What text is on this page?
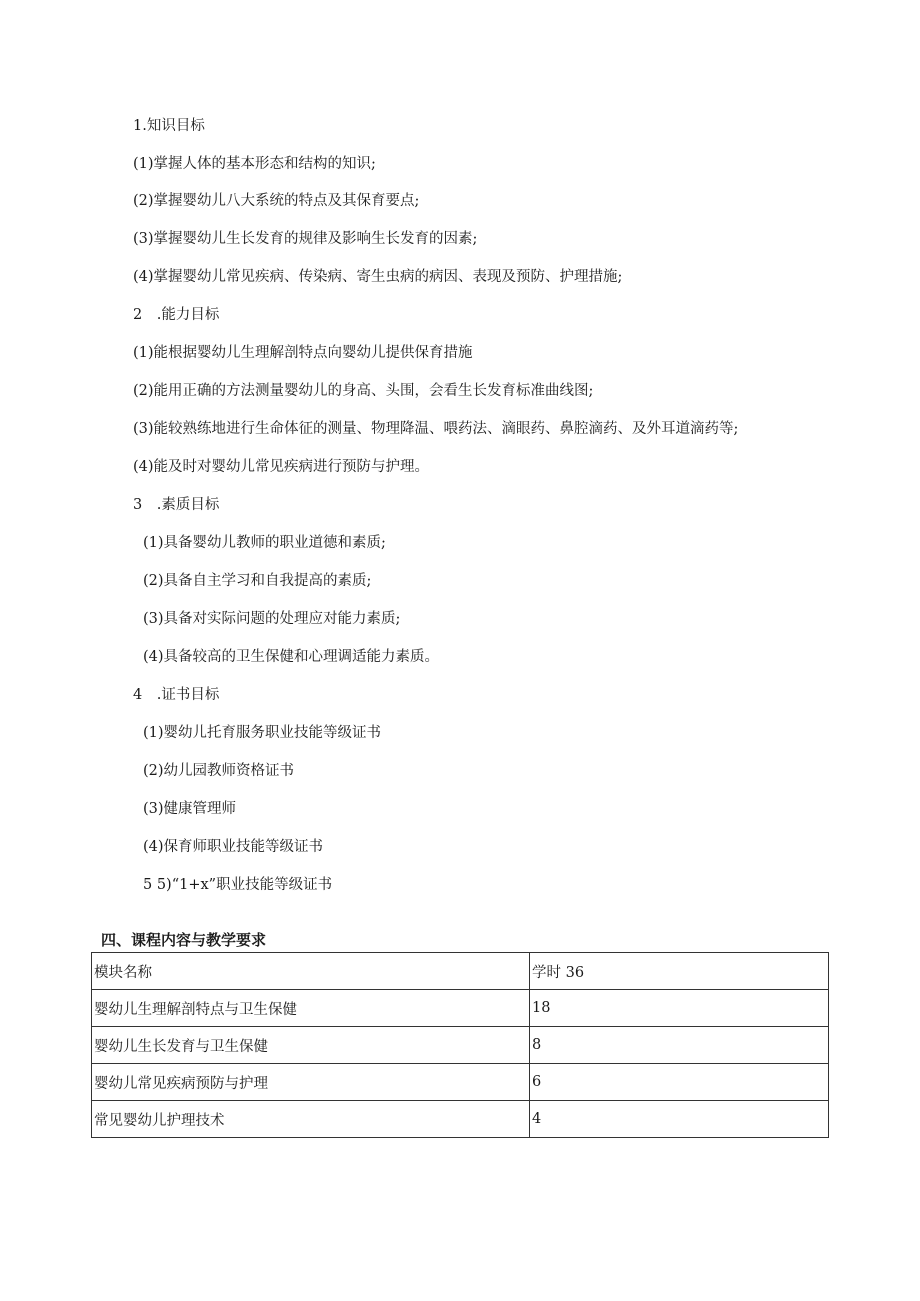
1.知识目标
(1)掌握人体的基本形态和结构的知识;
(2)掌握婴幼儿八大系统的特点及其保育要点;
(3)掌握婴幼儿生长发育的规律及影响生长发育的因素;
(4)掌握婴幼儿常见疾病、传染病、寄生虫病的病因、表现及预防、护理措施;
2　.能力目标
(1)能根据婴幼儿生理解剖特点向婴幼儿提供保育措施
(2)能用正确的方法测量婴幼儿的身高、头围，会看生长发育标准曲线图;
(3)能较熟练地进行生命体征的测量、物理降温、喂药法、滴眼药、鼻腔滴药、及外耳道滴药等;
(4)能及时对婴幼儿常见疾病进行预防与护理。
3　.素质目标
(1)具备婴幼儿教师的职业道德和素质;
(2)具备自主学习和自我提高的素质;
(3)具备对实际问题的处理应对能力素质;
(4)具备较高的卫生保健和心理调适能力素质。
4　.证书目标
(1)婴幼儿托育服务职业技能等级证书
(2)幼儿园教师资格证书
(3)健康管理师
(4)保育师职业技能等级证书
5 5)“1+x”职业技能等级证书
四、课程内容与教学要求
模块名称	学时 36
婴幼儿生理解剖特点与卫生保健	18
婴幼儿生长发育与卫生保健	8
婴幼儿常见疾病预防与护理	6
常见婴幼儿护理技术	4
